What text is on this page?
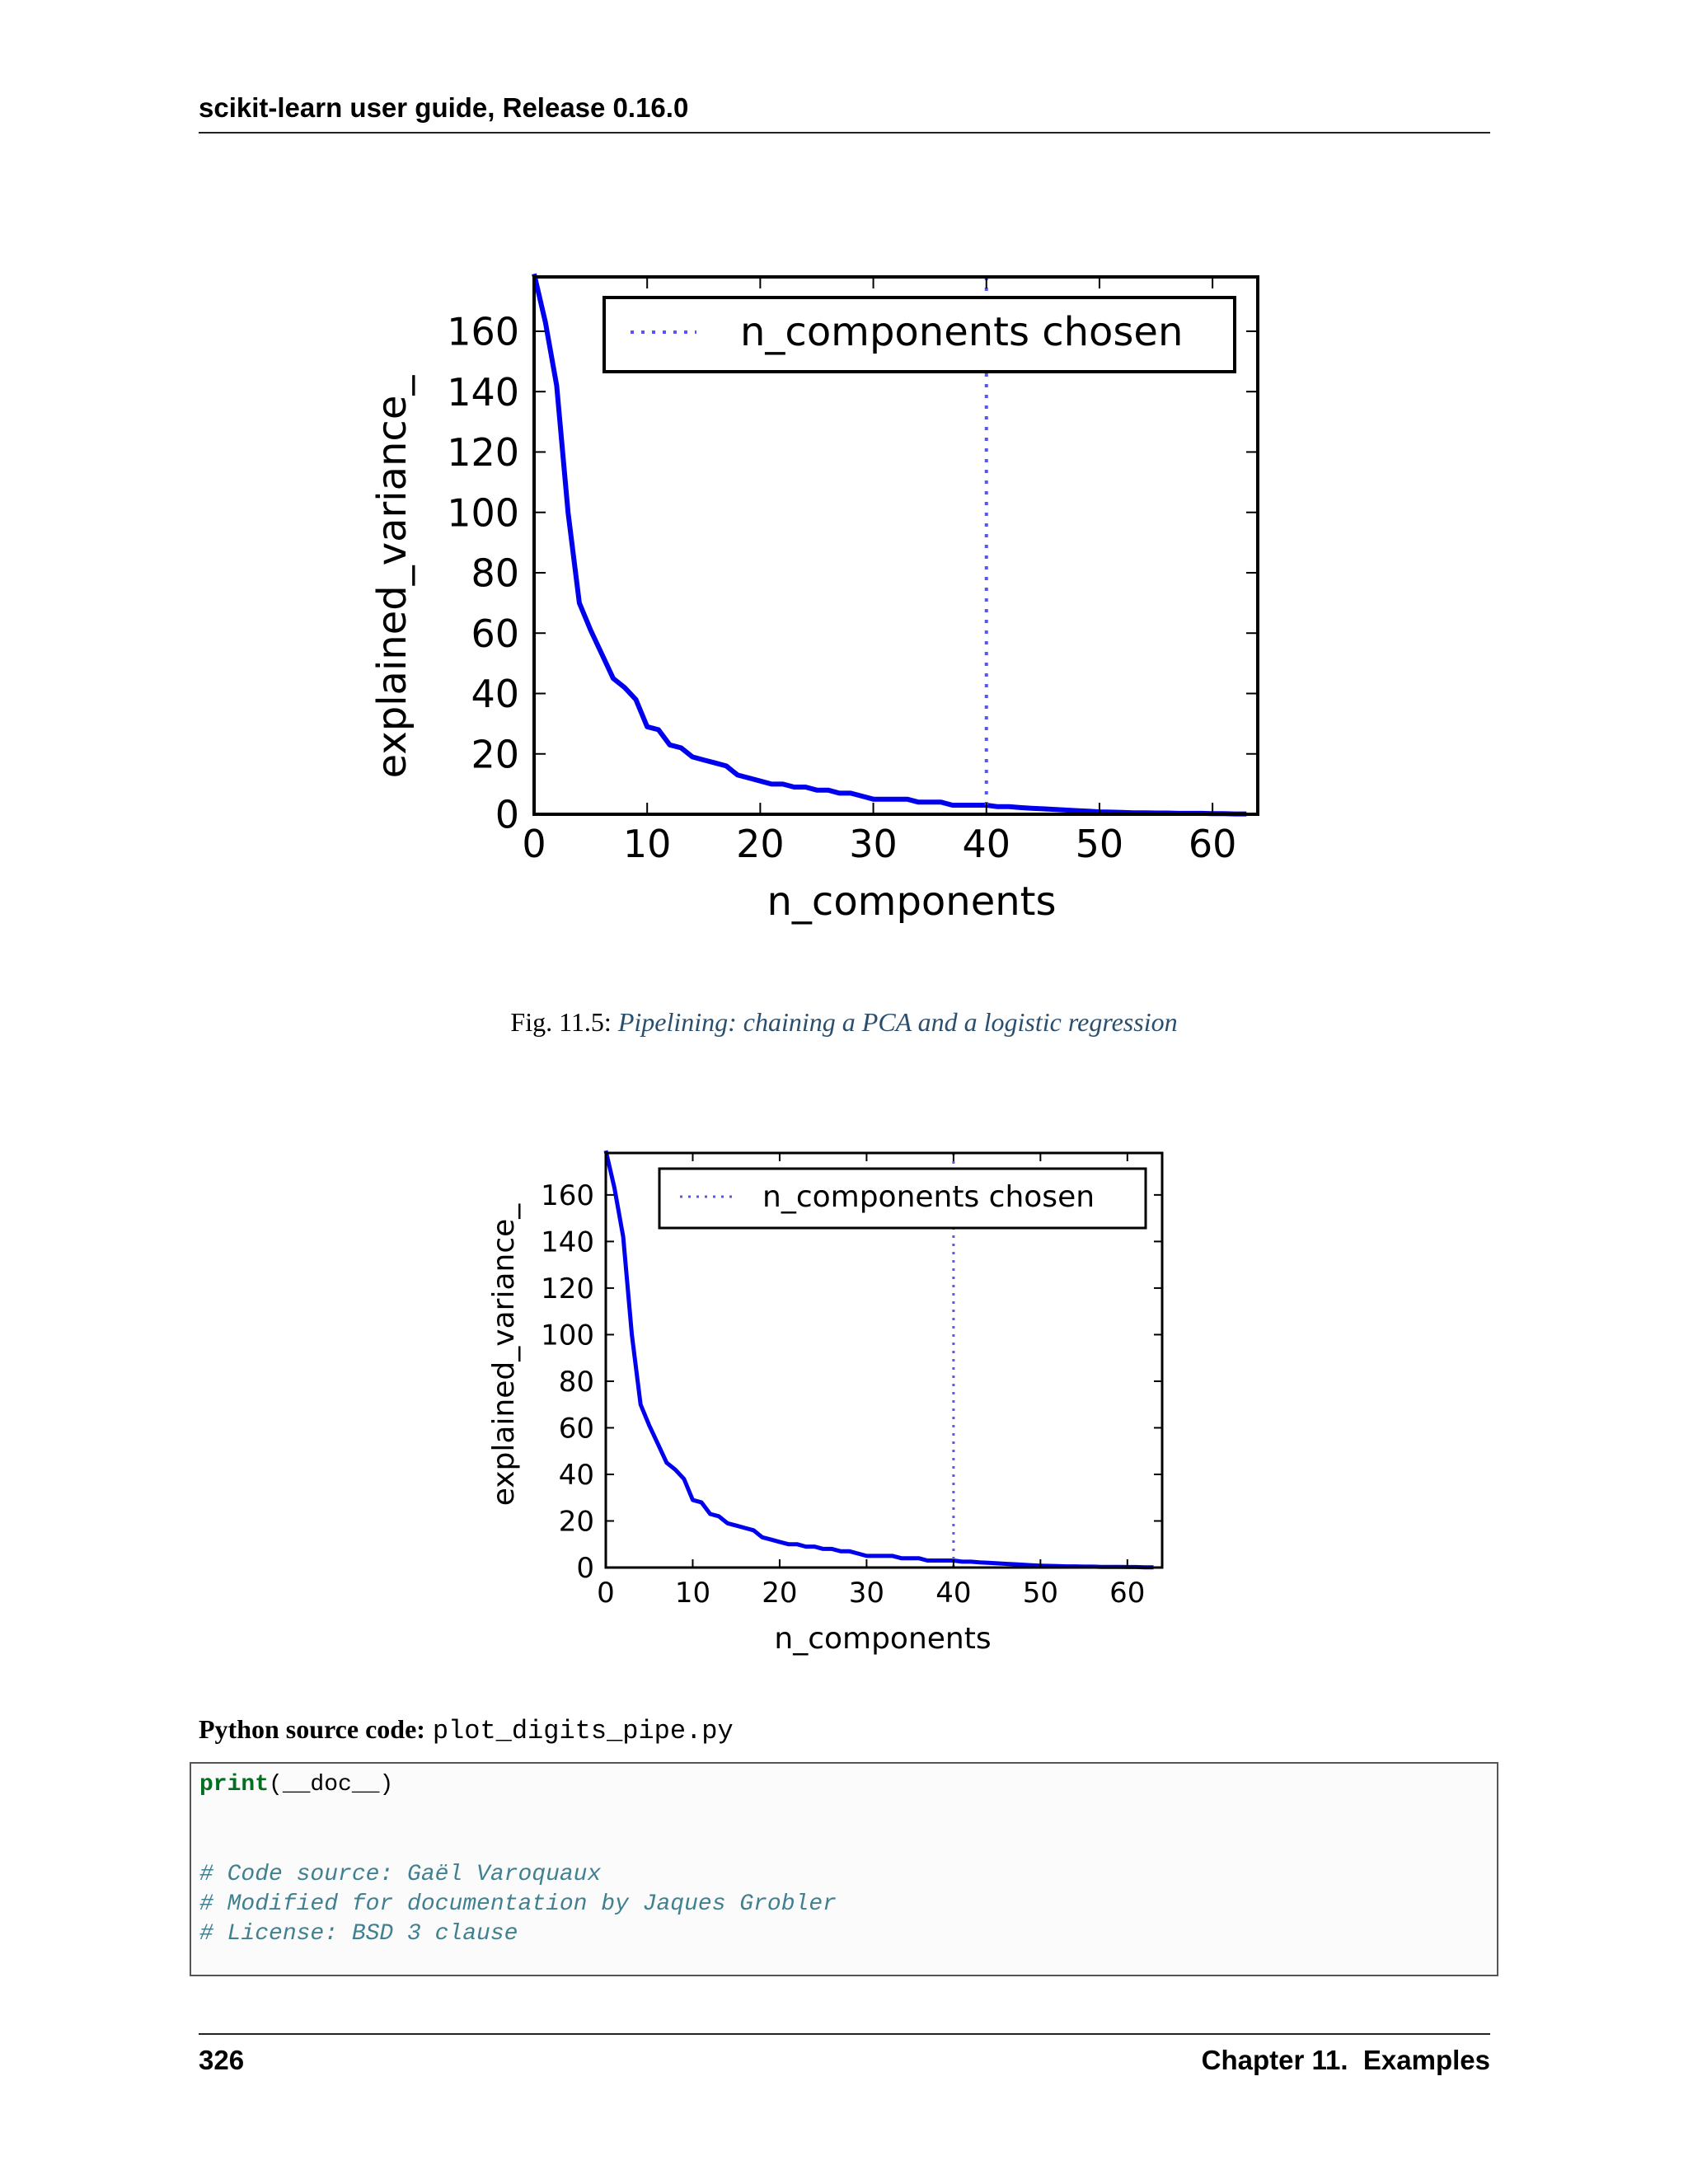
scikit-learn user guide, Release 0.16.0
explained_variance_
n_components
0 10 20 30 40 50 60
0
20
40
60
80
100
120
140
160	n_components chosen
Fig. 11.5: Pipelining: chaining a PCA and a logistic regression
explained_variance_
n_components
0 10 20 30 40 50 60
0
20
40
60
80
100
120
140
160	n_components chosen
Python source code: plot_digits_pipe.py
print(__doc__)
# Code source: Gaël Varoquaux
# Modified for documentation by Jaques Grobler
# License: BSD 3 clause
326	Chapter 11.  Examples
